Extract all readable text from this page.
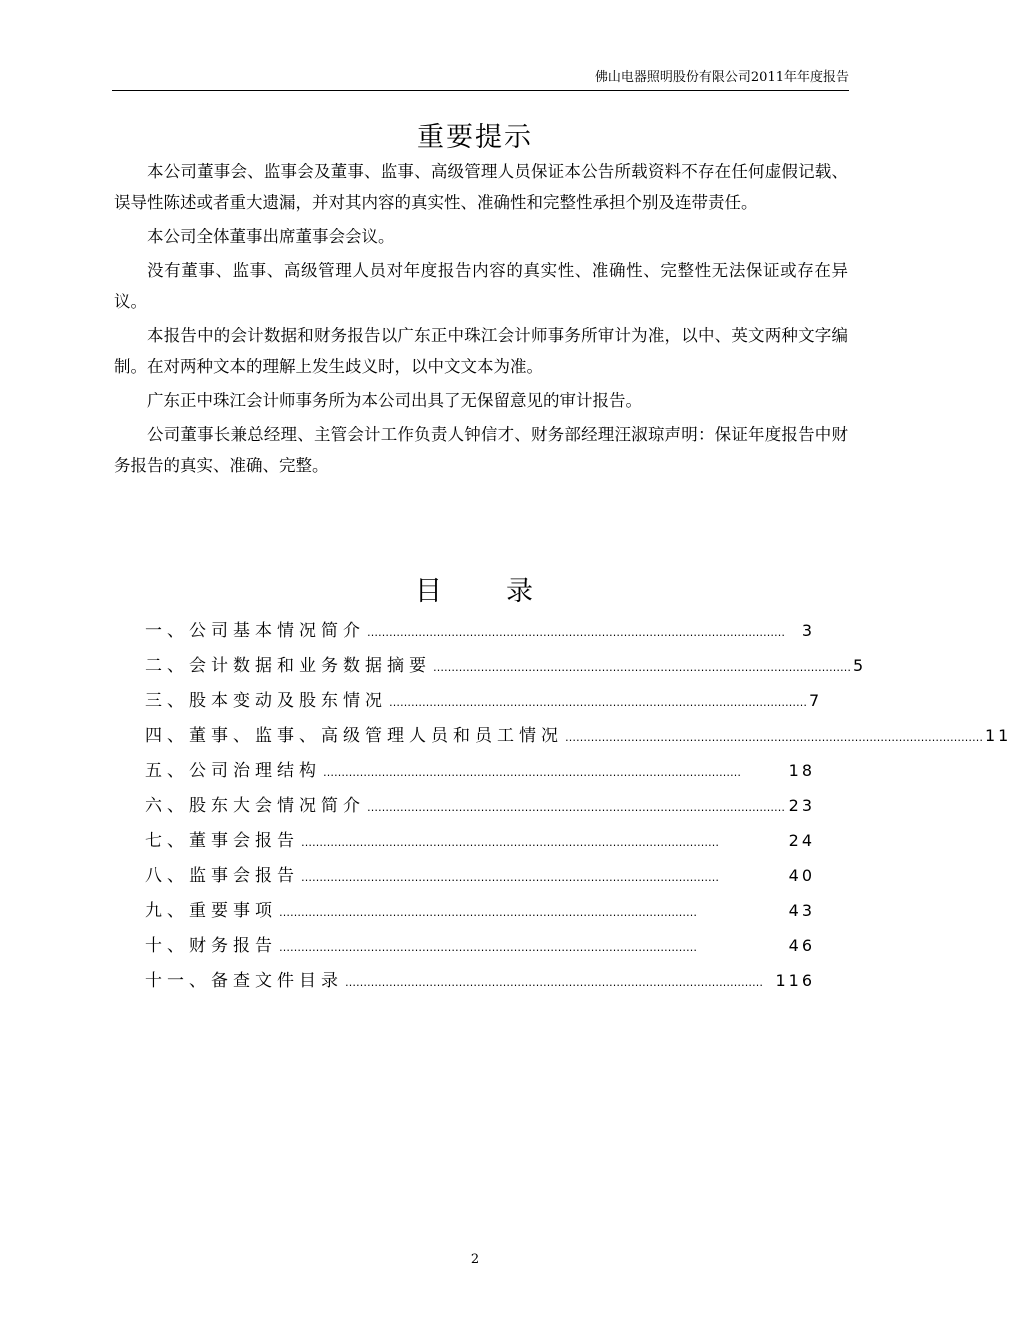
佛山电器照明股份有限公司2011年年度报告
重要提示

本公司董事会、监事会及董事、监事、高级管理人员保证本公告所载资料不存在任何虚假记载、误导性陈述或者重大遗漏，并对其内容的真实性、准确性和完整性承担个别及连带责任。

本公司全体董事出席董事会会议。

没有董事、监事、高级管理人员对年度报告内容的真实性、准确性、完整性无法保证或存在异议。

本报告中的会计数据和财务报告以广东正中珠江会计师事务所审计为准，以中、英文两种文字编制。在对两种文本的理解上发生歧义时，以中文文本为准。

广东正中珠江会计师事务所为本公司出具了无保留意见的审计报告。

公司董事长兼总经理、主管会计工作负责人钟信才、财务部经理汪淑琼声明：保证年度报告中财务报告的真实、准确、完整。

目 录
一、公司基本情况简介 ……………………………………………………………………………………………………	3
二、会计数据和业务数据摘要 …………………………………………………………………………………………………… 5
三、股本变动及股东情况 …………………………………………………………………………………………………… 7
四、董事、监事、高级管理人员和员工情况 …………………………………………………………………………………………………… 11
五、公司治理结构 ……………………………………………………………………………………………………	18
六、股东大会情况简介 …………………………………………………………………………………………………… 23
七、董事会报告 ……………………………………………………………………………………………………	24
八、监事会报告 ……………………………………………………………………………………………………	40
九、重要事项 ……………………………………………………………………………………………………	43
十、财务报告 ……………………………………………………………………………………………………	46
十一、备查文件目录 …………………………………………………………………………………………………… 116
2
